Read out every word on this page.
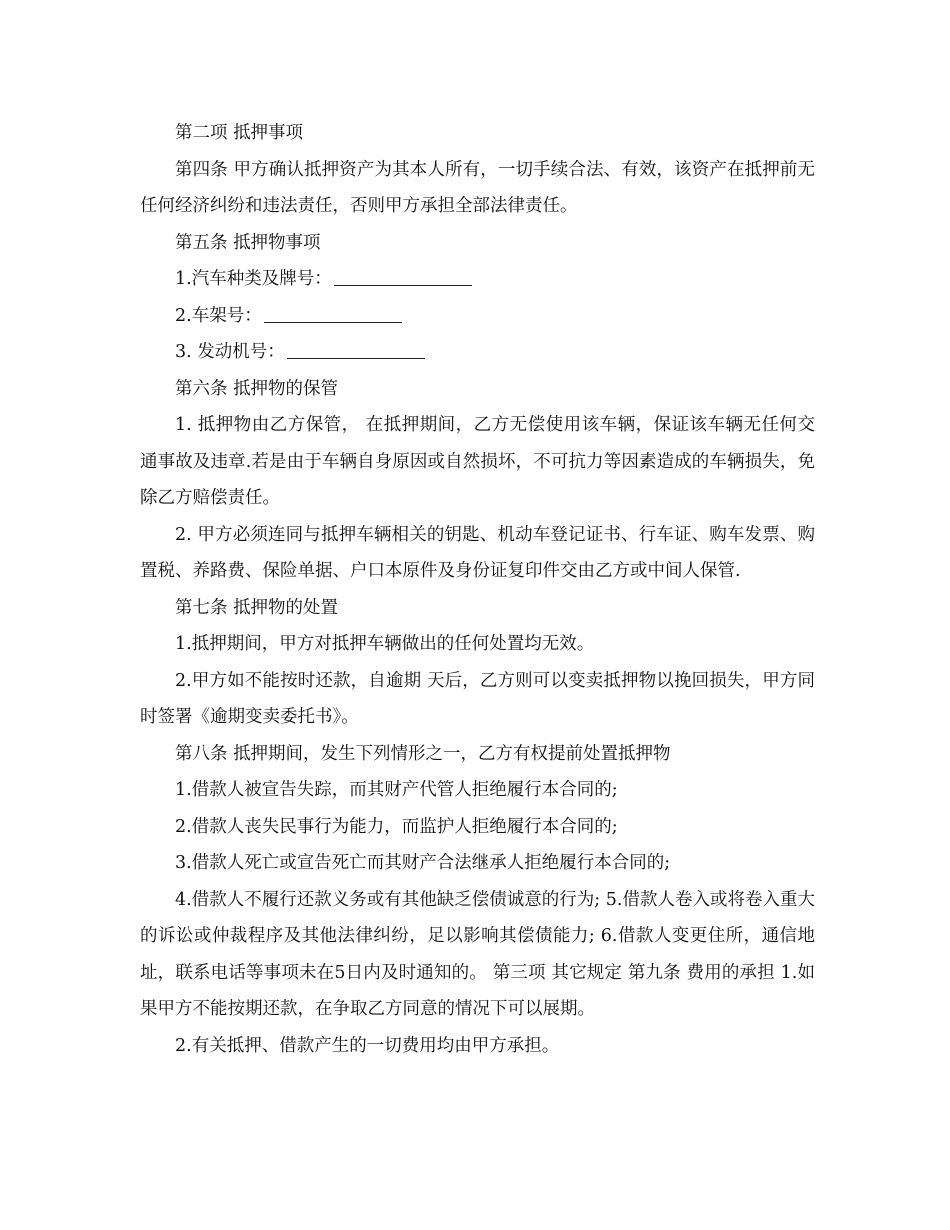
第二项 抵押事项

第四条 甲方确认抵押资产为其本人所有，一切手续合法、有效，该资产在抵押前无任何经济纠纷和违法责任，否则甲方承担全部法律责任。

第五条 抵押物事项

1.汽车种类及牌号：

2.车架号：

3. 发动机号：

第六条 抵押物的保管

1. 抵押物由乙方保管， 在抵押期间，乙方无偿使用该车辆，保证该车辆无任何交通事故及违章.若是由于车辆自身原因或自然损坏，不可抗力等因素造成的车辆损失，免除乙方赔偿责任。

2. 甲方必须连同与抵押车辆相关的钥匙、机动车登记证书、行车证、购车发票、购置税、养路费、保险单据、户口本原件及身份证复印件交由乙方或中间人保管.

第七条 抵押物的处置

1.抵押期间，甲方对抵押车辆做出的任何处置均无效。

2.甲方如不能按时还款，自逾期 天后，乙方则可以变卖抵押物以挽回损失，甲方同时签署《逾期变卖委托书》。

第八条 抵押期间，发生下列情形之一，乙方有权提前处置抵押物

1.借款人被宣告失踪，而其财产代管人拒绝履行本合同的;

2.借款人丧失民事行为能力，而监护人拒绝履行本合同的;

3.借款人死亡或宣告死亡而其财产合法继承人拒绝履行本合同的;

4.借款人不履行还款义务或有其他缺乏偿债诚意的行为; 5.借款人卷入或将卷入重大的诉讼或仲裁程序及其他法律纠纷，足以影响其偿债能力; 6.借款人变更住所，通信地址，联系电话等事项未在5日内及时通知的。 第三项 其它规定 第九条 费用的承担 1.如果甲方不能按期还款，在争取乙方同意的情况下可以展期。

2.有关抵押、借款产生的一切费用均由甲方承担。
